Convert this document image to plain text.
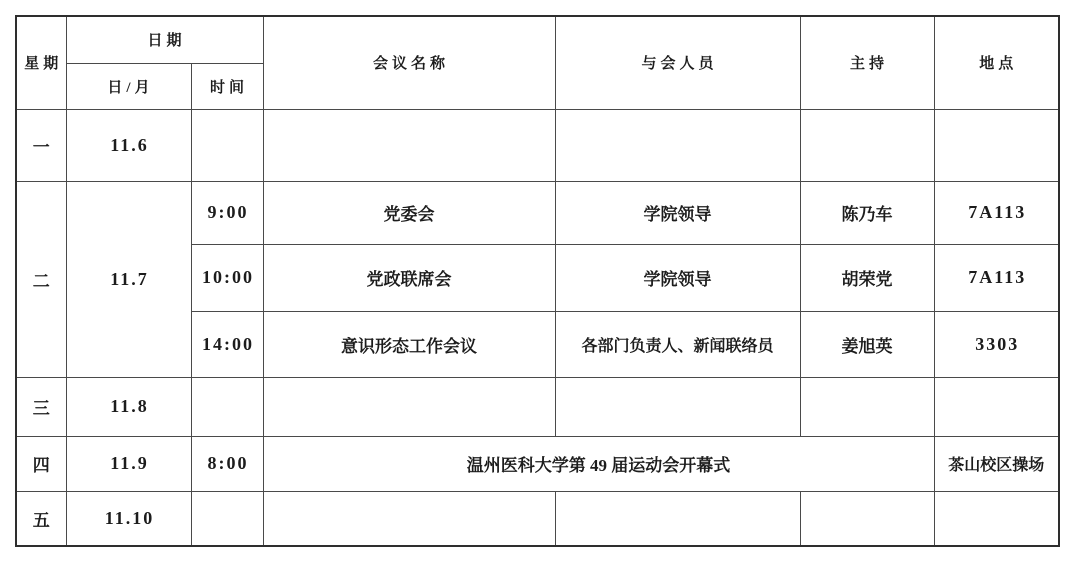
星期	日期		会议名称	与会人员	主持	地点
	日/月	时间				
一	11.6					
二	11.7	9:00	党委会	学院领导	陈乃车	7A113
		10:00	党政联席会	学院领导	胡荣党	7A113
		14:00	意识形态工作会议	各部门负责人、新闻联络员	姜旭英	3303
三	11.8					
四	11.9	8:00	温州医科大学第 49 届运动会开幕式			茶山校区操场
五	11.10					
